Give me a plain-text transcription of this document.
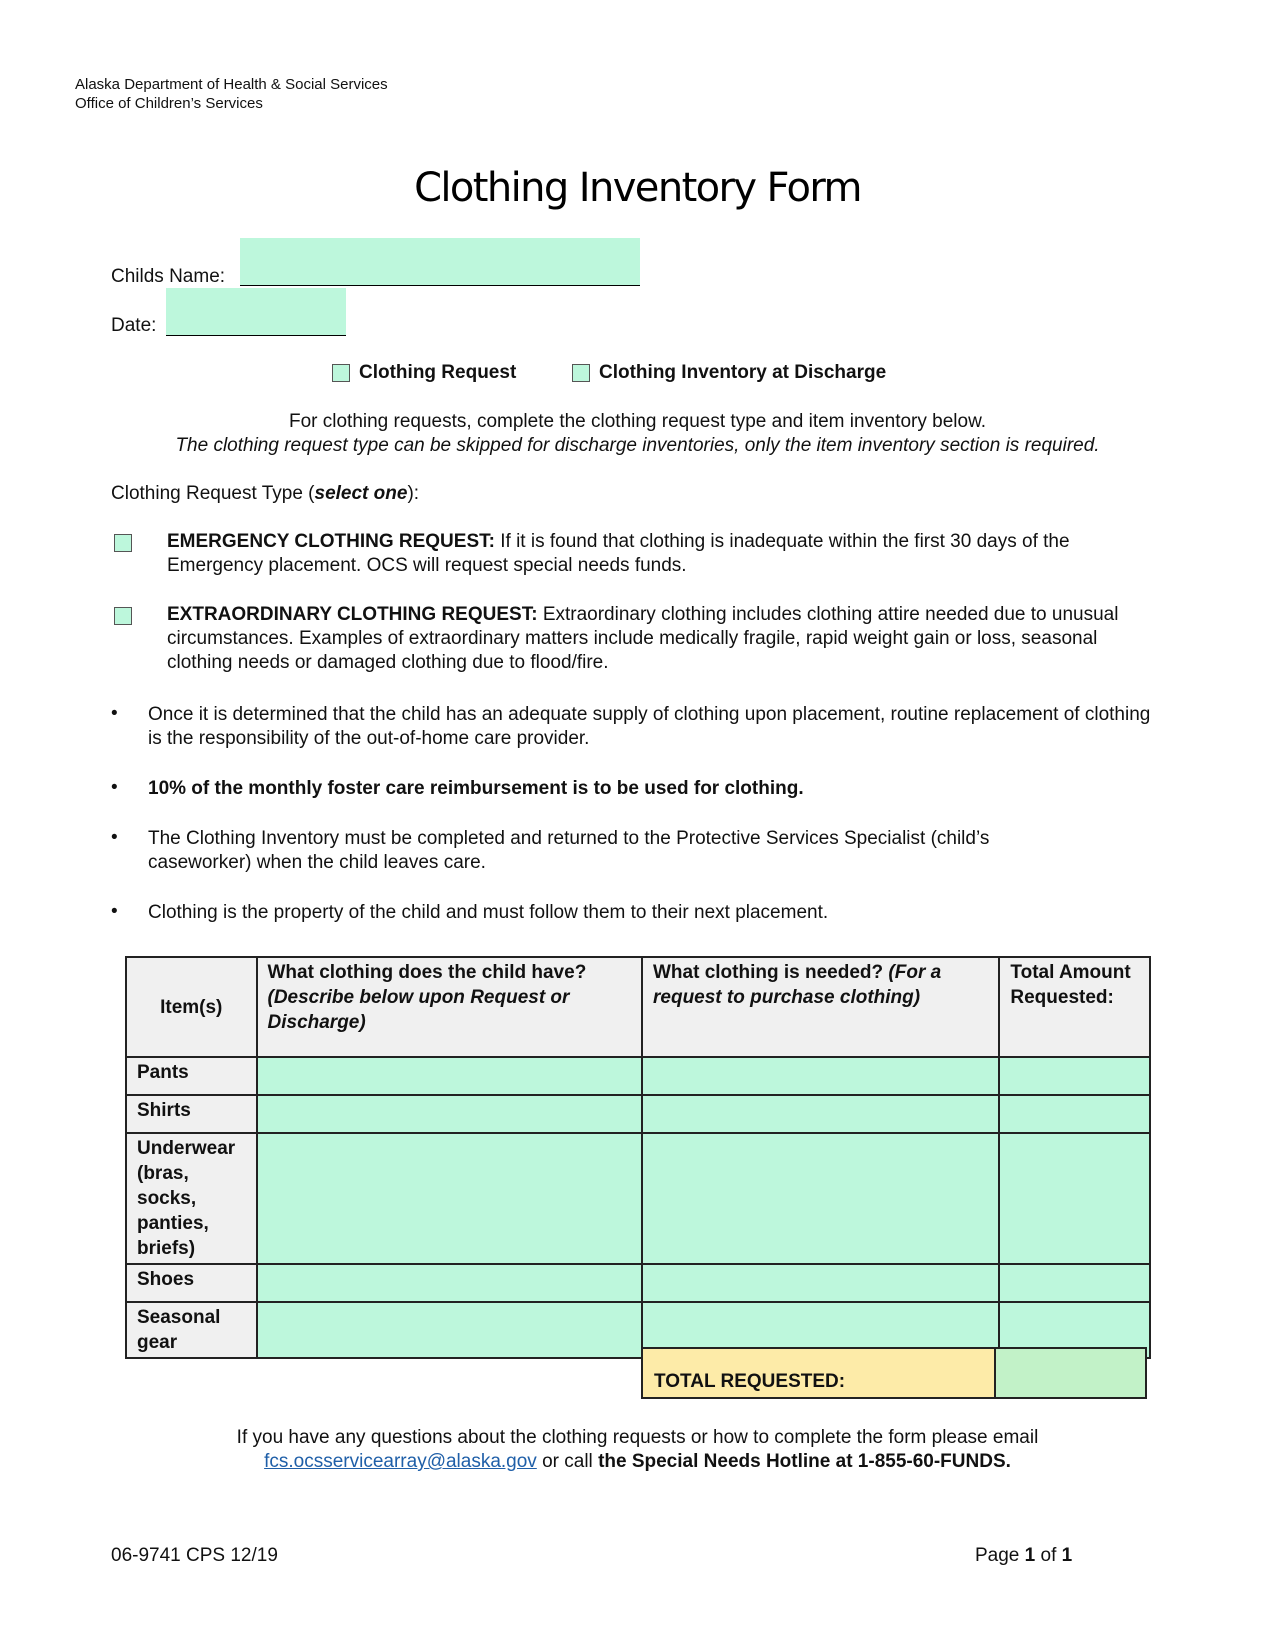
Alaska Department of Health & Social Services
Office of Children’s Services
Clothing Inventory Form
Childs Name:
Date:
Clothing Request	Clothing Inventory at Discharge
For clothing requests, complete the clothing request type and item inventory below.
The clothing request type can be skipped for discharge inventories, only the item inventory section is required.
Clothing Request Type (select one):
EMERGENCY CLOTHING REQUEST: If it is found that clothing is inadequate within the first 30 days of the Emergency placement. OCS will request special needs funds.
EXTRAORDINARY CLOTHING REQUEST: Extraordinary clothing includes clothing attire needed due to unusual circumstances. Examples of extraordinary matters include medically fragile, rapid weight gain or loss, seasonal clothing needs or damaged clothing due to flood/fire.
• Once it is determined that the child has an adequate supply of clothing upon placement, routine replacement of clothing is the responsibility of the out-of-home care provider.
• 10% of the monthly foster care reimbursement is to be used for clothing.
• The Clothing Inventory must be completed and returned to the Protective Services Specialist (child’s caseworker) when the child leaves care.
• Clothing is the property of the child and must follow them to their next placement.
Item(s)	What clothing does the child have? (Describe below upon Request or Discharge)	What clothing is needed? (For a request to purchase clothing)	Total Amount Requested:
Pants			
Shirts			
Underwear (bras, socks, panties, briefs)			
Shoes			
Seasonal gear			
TOTAL REQUESTED:
If you have any questions about the clothing requests or how to complete the form please email
fcs.ocsservicearray@alaska.gov or call the Special Needs Hotline at 1-855-60-FUNDS.
06-9741 CPS 12/19	Page 1 of 1
